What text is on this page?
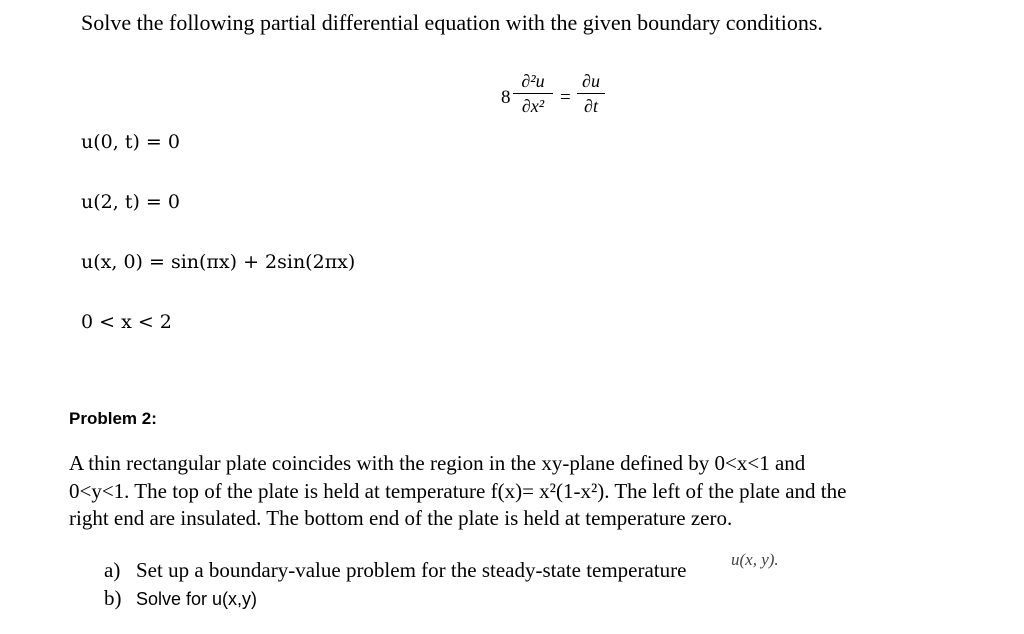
Solve the following partial differential equation with the given boundary conditions.
8
∂²u
∂x² =
∂u
∂t
u(0, t) = 0
u(2, t) = 0
u(x, 0) = sin(πx) + 2sin(2πx)
0 < x < 2
Problem 2:
A thin rectangular plate coincides with the region in the xy-plane defined by 0<x<1 and
0<y<1. The top of the plate is held at temperature f(x)= x²(1-x²). The left of the plate and the
right end are insulated. The bottom end of the plate is held at temperature zero.
a) Set up a boundary-value problem for the steady-state temperature	u(x, y).
b) Solve for u(x,y)
